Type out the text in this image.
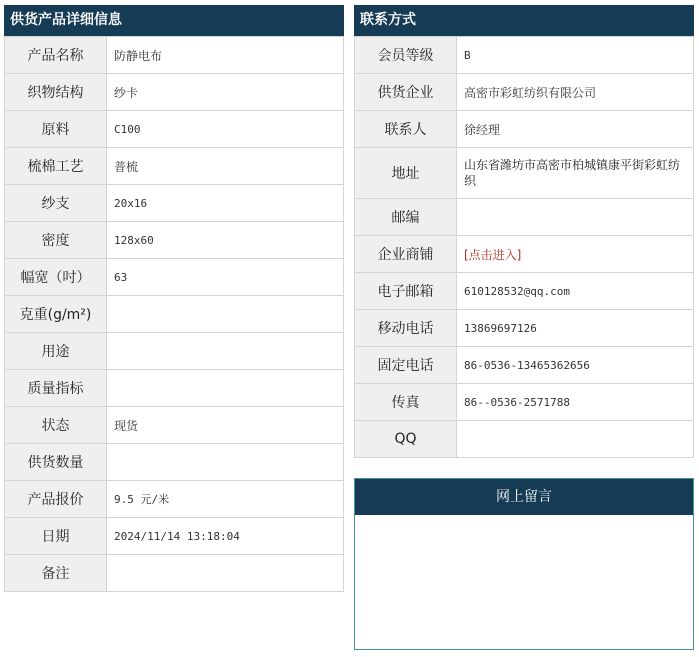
供货产品详细信息
产品名称	防静电布
织物结构	纱卡
原料	C100
梳棉工艺	普梳
纱支	20x16
密度	128x60
幅宽（吋）	63
克重(g/m²)	
用途	
质量指标	
状态	现货
供货数量	
产品报价	9.5 元/米
日期	2024/11/14 13:18:04
备注	
联系方式
会员等级	B
供货企业	高密市彩虹纺织有限公司
联系人	徐经理
地址	山东省潍坊市高密市柏城镇康平街彩虹纺织
邮编	
企业商铺	[点击进入]
电子邮箱	610128532@qq.com
移动电话	13869697126
固定电话	86-0536-13465362656
传真	86--0536-2571788
QQ	
网上留言
